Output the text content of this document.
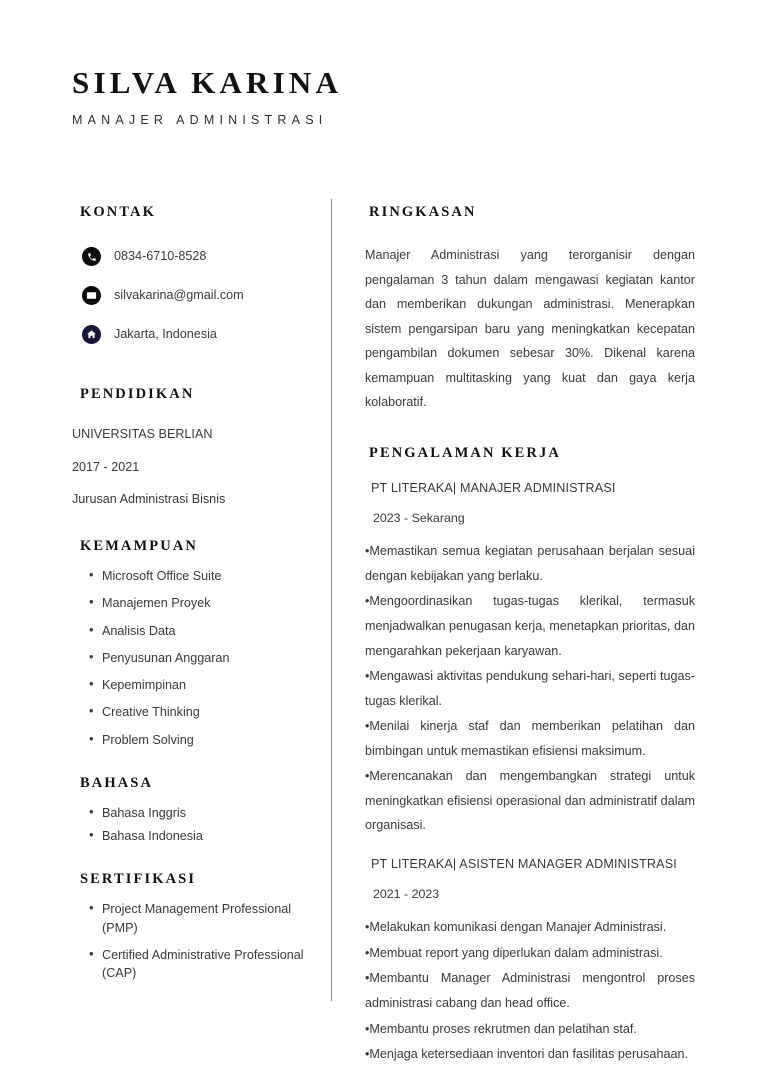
SILVA KARINA
MANAJER ADMINISTRASI
KONTAK
0834-6710-8528
silvakarina@gmail.com
Jakarta, Indonesia
PENDIDIKAN
UNIVERSITAS BERLIAN
2017 - 2021
Jurusan Administrasi Bisnis
KEMAMPUAN
• Microsoft Office Suite
• Manajemen Proyek
• Analisis Data
• Penyusunan Anggaran
• Kepemimpinan
• Creative Thinking
• Problem Solving
BAHASA
• Bahasa Inggris
• Bahasa Indonesia
SERTIFIKASI
• Project Management Professional (PMP)
• Certified Administrative Professional (CAP)
RINGKASAN
Manajer Administrasi yang terorganisir dengan pengalaman 3 tahun dalam mengawasi kegiatan kantor dan memberikan dukungan administrasi. Menerapkan sistem pengarsipan baru yang meningkatkan kecepatan pengambilan dokumen sebesar 30%. Dikenal karena kemampuan multitasking yang kuat dan gaya kerja kolaboratif.
PENGALAMAN KERJA
PT LITERAKA| MANAJER ADMINISTRASI
2023 - Sekarang
•Memastikan semua kegiatan perusahaan berjalan sesuai dengan kebijakan yang berlaku.
•Mengoordinasikan tugas-tugas klerikal, termasuk menjadwalkan penugasan kerja, menetapkan prioritas, dan mengarahkan pekerjaan karyawan.
•Mengawasi aktivitas pendukung sehari-hari, seperti tugas-tugas klerikal.
•Menilai kinerja staf dan memberikan pelatihan dan bimbingan untuk memastikan efisiensi maksimum.
•Merencanakan dan mengembangkan strategi untuk meningkatkan efisiensi operasional dan administratif dalam organisasi.
PT LITERAKA| ASISTEN MANAGER ADMINISTRASI
2021 - 2023
•Melakukan komunikasi dengan Manajer Administrasi.
•Membuat report yang diperlukan dalam administrasi.
•Membantu Manager Administrasi mengontrol proses administrasi cabang dan head office.
•Membantu proses rekrutmen dan pelatihan staf.
•Menjaga ketersediaan inventori dan fasilitas perusahaan.
